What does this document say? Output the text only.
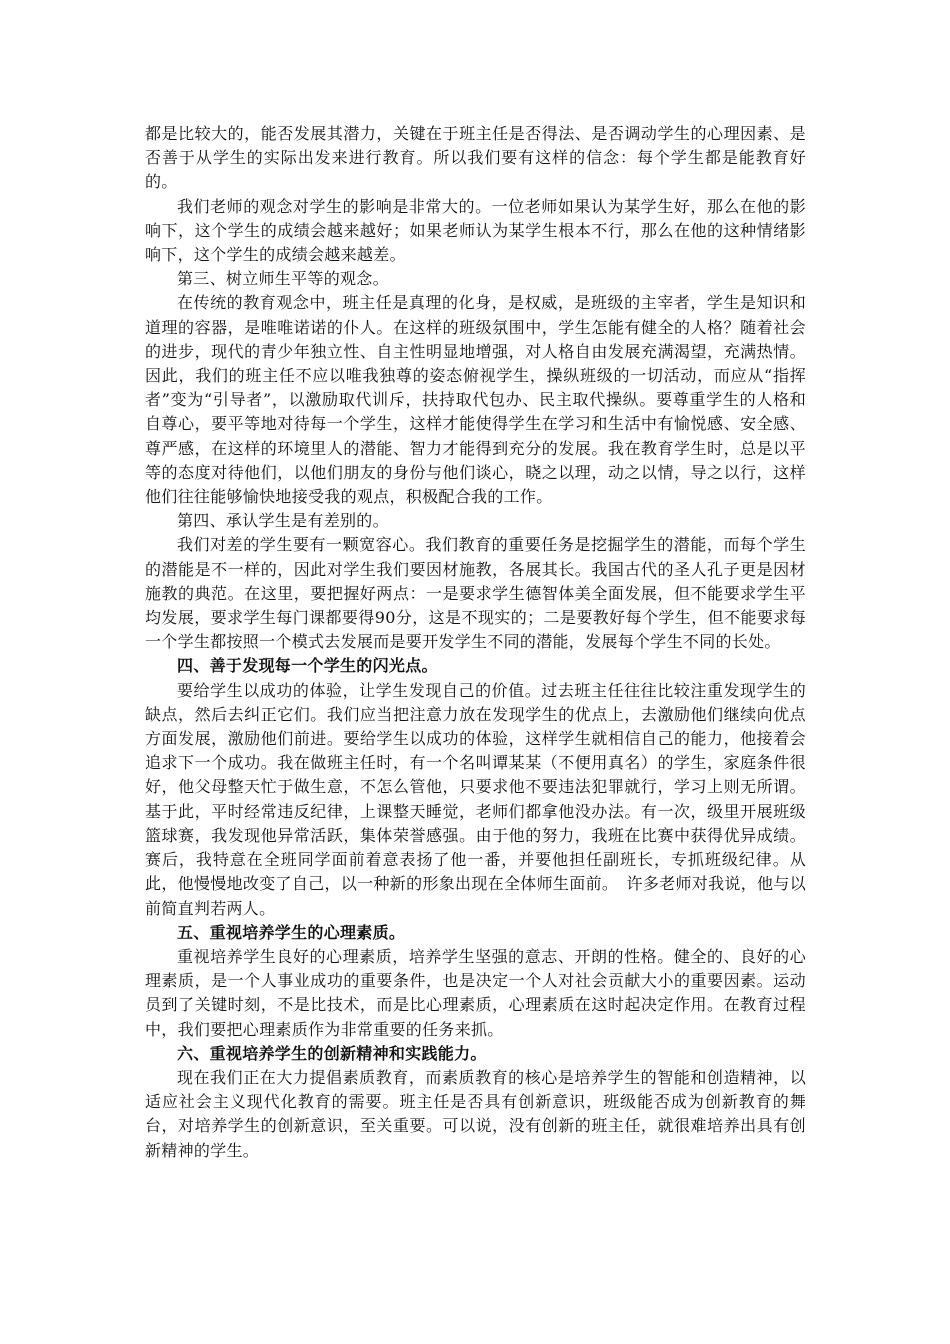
都是比较大的，能否发展其潜力，关键在于班主任是否得法、是否调动学生的心理因素、是否善于从学生的实际出发来进行教育。所以我们要有这样的信念：每个学生都是能教育好的。

我们老师的观念对学生的影响是非常大的。一位老师如果认为某学生好，那么在他的影响下，这个学生的成绩会越来越好；如果老师认为某学生根本不行，那么在他的这种情绪影响下，这个学生的成绩会越来越差。

第三、树立师生平等的观念。

在传统的教育观念中，班主任是真理的化身，是权威，是班级的主宰者，学生是知识和道理的容器，是唯唯诺诺的仆人。在这样的班级氛围中，学生怎能有健全的人格？随着社会的进步，现代的青少年独立性、自主性明显地增强，对人格自由发展充满渴望，充满热情。因此，我们的班主任不应以唯我独尊的姿态俯视学生，操纵班级的一切活动，而应从“指挥者”变为“引导者”，以激励取代训斥，扶持取代包办、民主取代操纵。要尊重学生的人格和自尊心，要平等地对待每一个学生，这样才能使得学生在学习和生活中有愉悦感、安全感、尊严感，在这样的环境里人的潜能、智力才能得到充分的发展。我在教育学生时，总是以平等的态度对待他们，以他们朋友的身份与他们谈心，晓之以理，动之以情，导之以行，这样他们往往能够愉快地接受我的观点，积极配合我的工作。

第四、承认学生是有差别的。

我们对差的学生要有一颗宽容心。我们教育的重要任务是挖掘学生的潜能，而每个学生的潜能是不一样的，因此对学生我们要因材施教，各展其长。我国古代的圣人孔子更是因材施教的典范。在这里，要把握好两点：一是要求学生德智体美全面发展，但不能要求学生平均发展，要求学生每门课都要得90分，这是不现实的；二是要教好每个学生，但不能要求每一个学生都按照一个模式去发展而是要开发学生不同的潜能，发展每个学生不同的长处。

四、善于发现每一个学生的闪光点。

要给学生以成功的体验，让学生发现自己的价值。过去班主任往往比较注重发现学生的缺点，然后去纠正它们。我们应当把注意力放在发现学生的优点上，去激励他们继续向优点方面发展，激励他们前进。要给学生以成功的体验，这样学生就相信自己的能力，他接着会追求下一个成功。我在做班主任时，有一个名叫谭某某（不便用真名）的学生，家庭条件很好，他父母整天忙于做生意，不怎么管他，只要求他不要违法犯罪就行，学习上则无所谓。基于此，平时经常违反纪律，上课整天睡觉，老师们都拿他没办法。有一次，级里开展班级篮球赛，我发现他异常活跃，集体荣誉感强。由于他的努力，我班在比赛中获得优异成绩。赛后，我特意在全班同学面前着意表扬了他一番，并要他担任副班长，专抓班级纪律。从此，他慢慢地改变了自己，以一种新的形象出现在全体师生面前。　许多老师对我说，他与以前简直判若两人。

五、重视培养学生的心理素质。

重视培养学生良好的心理素质，培养学生坚强的意志、开朗的性格。健全的、良好的心理素质，是一个人事业成功的重要条件，也是决定一个人对社会贡献大小的重要因素。运动员到了关键时刻，不是比技术，而是比心理素质，心理素质在这时起决定作用。在教育过程中，我们要把心理素质作为非常重要的任务来抓。

六、重视培养学生的创新精神和实践能力。

现在我们正在大力提倡素质教育，而素质教育的核心是培养学生的智能和创造精神，以适应社会主义现代化教育的需要。班主任是否具有创新意识，班级能否成为创新教育的舞台，对培养学生的创新意识，至关重要。可以说，没有创新的班主任，就很难培养出具有创新精神的学生。
